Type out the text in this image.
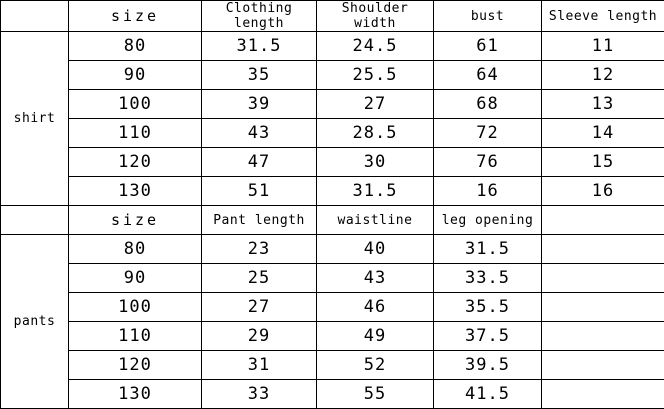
	size	Clothing length	Shoulder width	bust	Sleeve length
shirt	80	31.5	24.5	61	11
	90	35	25.5	64	12
	100	39	27	68	13
	110	43	28.5	72	14
	120	47	30	76	15
	130	51	31.5	16	16
	size	Pant length	waistline	leg opening	
pants	80	23	40	31.5	
	90	25	43	33.5	
	100	27	46	35.5	
	110	29	49	37.5	
	120	31	52	39.5	
	130	33	55	41.5	
